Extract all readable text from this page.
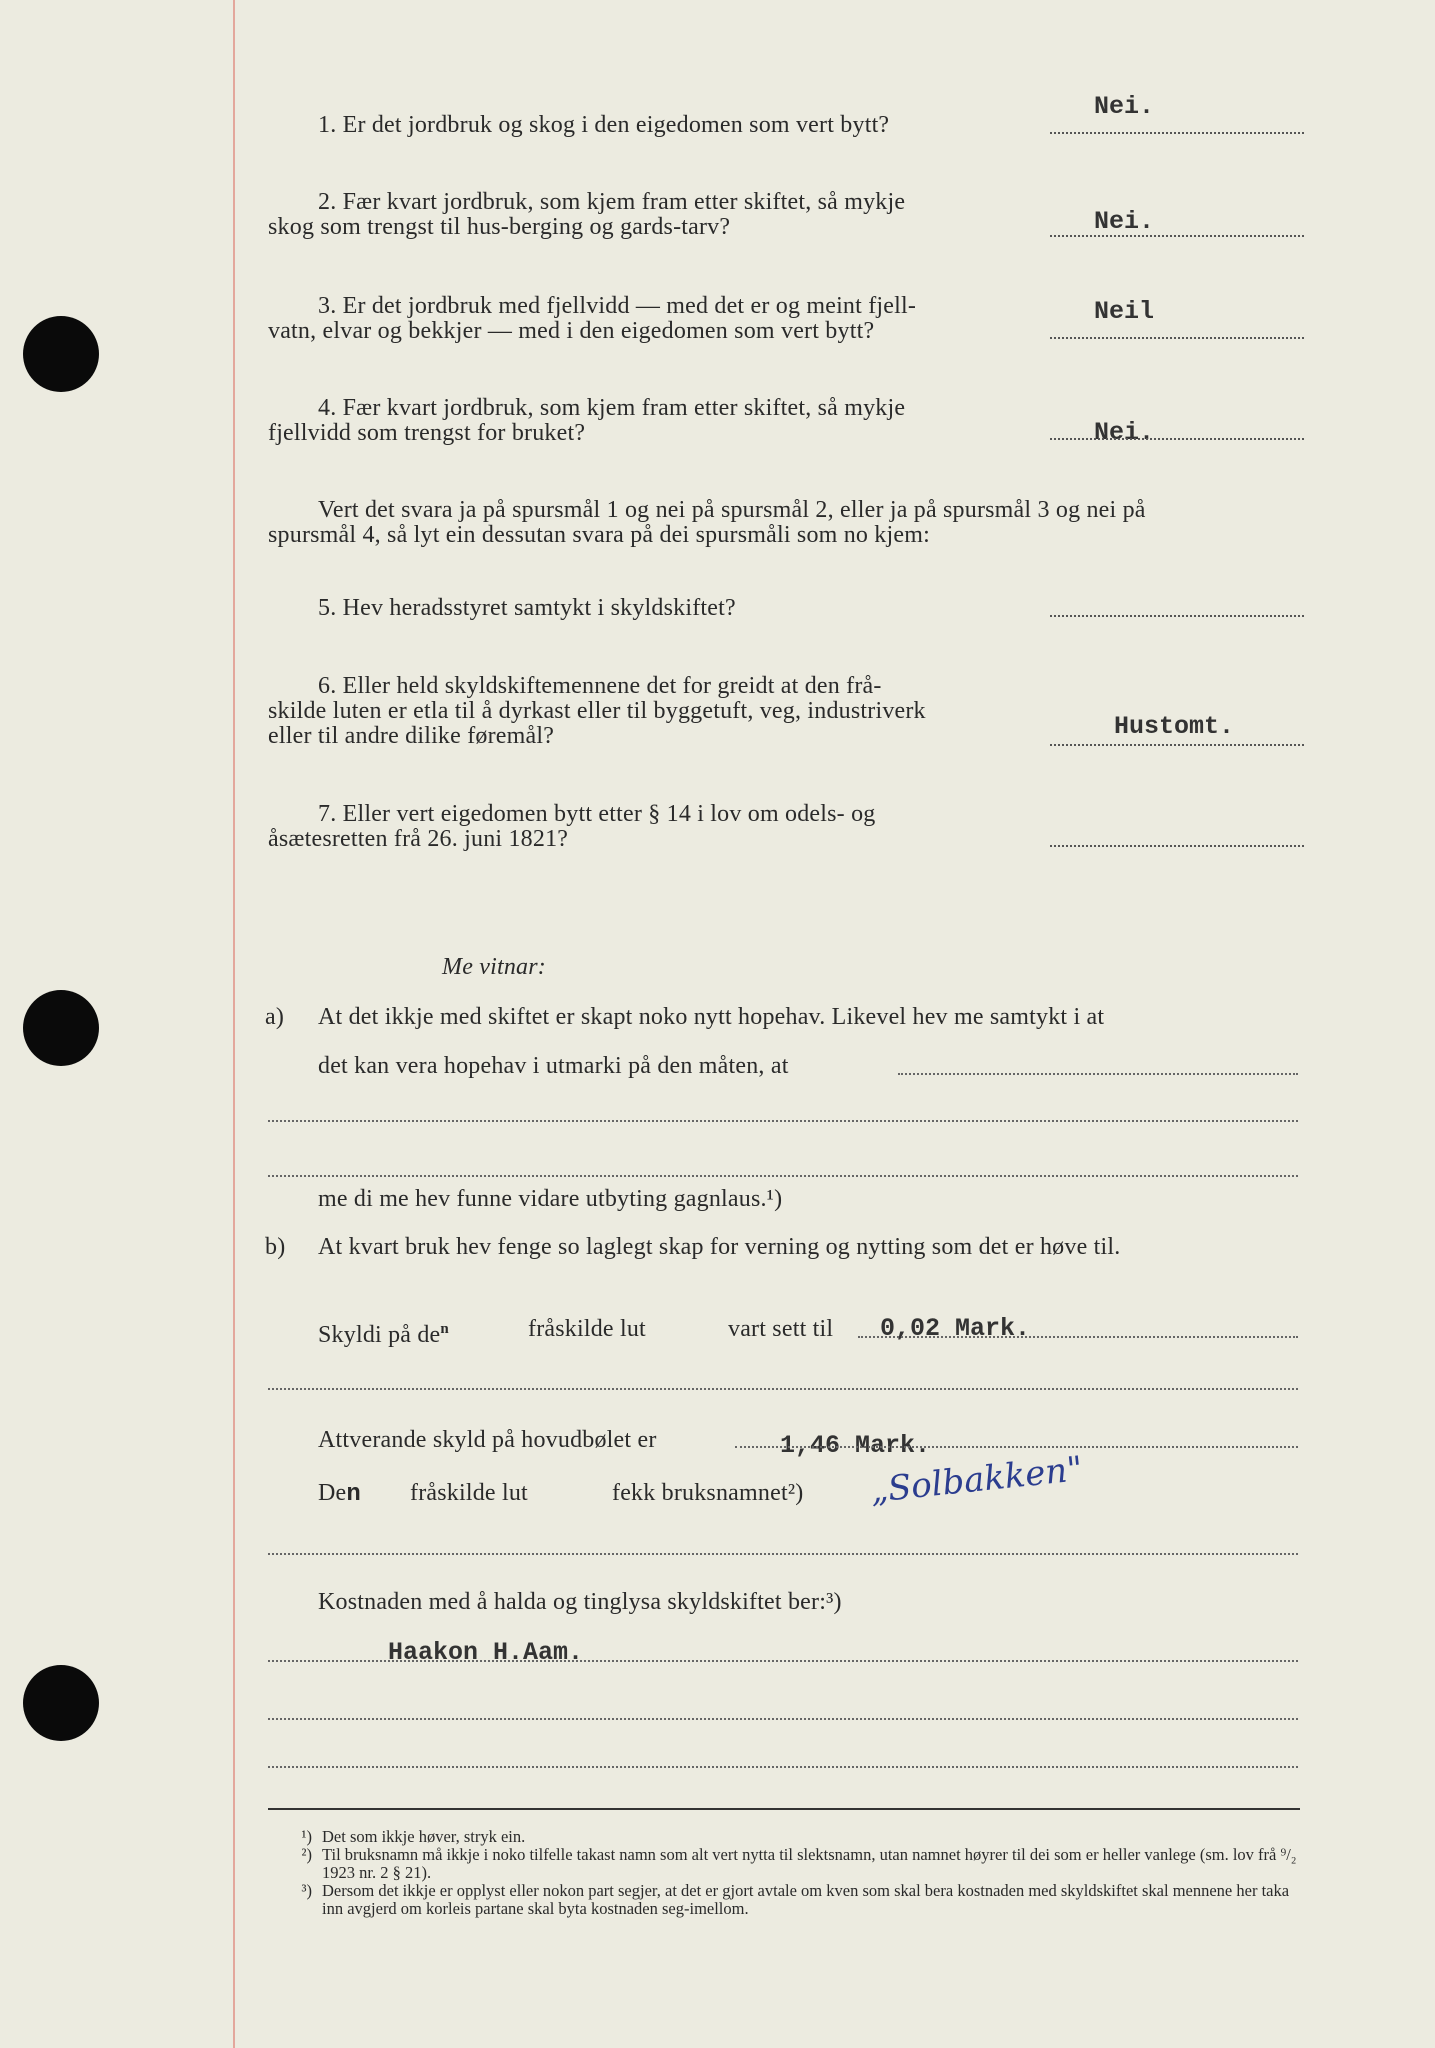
1. Er det jordbruk og skog i den eigedomen som vert bytt?
Nei.
2. Fær kvart jordbruk, som kjem fram etter skiftet, så mykje
skog som trengst til hus-berging og gards-tarv?	Nei.
3. Er det jordbruk med fjellvidd — med det er og meint fjell-
vatn, elvar og bekkjer — med i den eigedomen som vert bytt?
Neil
4. Fær kvart jordbruk, som kjem fram etter skiftet, så mykje
fjellvidd som trengst for bruket?	Nei.
Vert det svara ja på spursmål 1 og nei på spursmål 2, eller ja på spursmål 3 og nei på
spursmål 4, så lyt ein dessutan svara på dei spursmåli som no kjem:
5. Hev heradsstyret samtykt i skyldskiftet?
6. Eller held skyldskiftemennene det for greidt at den frå-
skilde luten er etla til å dyrkast eller til byggetuft, veg, industriverk
eller til andre dilike føremål?	Hustomt.
7. Eller vert eigedomen bytt etter § 14 i lov om odels- og
åsætesretten frå 26. juni 1821?
Me vitnar:
a) At det ikkje med skiftet er skapt noko nytt hopehav. Likevel hev me samtykt i at
det kan vera hopehav i utmarki på den måten, at
me di me hev funne vidare utbyting gagnlaus.¹)
b) At kvart bruk hev fenge so laglegt skap for verning og nytting som det er høve til.
Skyldi på $de^n$	fråskilde lut	vart sett til 0,02 Mark.
Attverande skyld på hovudbølet er	1,46 Mark.
Den fråskilde lut	fekk bruksnamnet²) „Solbakken"
Kostnaden med å halda og tinglysa skyldskiftet ber:³)
Haakon H.Aam.
¹) Det som ikkje høver, stryk ein.
²) Til bruksnamn må ikkje i noko tilfelle takast namn som alt vert nytta til slektsnamn, utan namnet høyrer til dei som er heller vanlege (sm. lov frå ⁹/₂ 1923 nr. 2 § 21).
³) Dersom det ikkje er opplyst eller nokon part segjer, at det er gjort avtale om kven som skal bera kostnaden med skyldskiftet skal mennene her taka inn avgjerd om korleis partane skal byta kostnaden seg-imellom.
